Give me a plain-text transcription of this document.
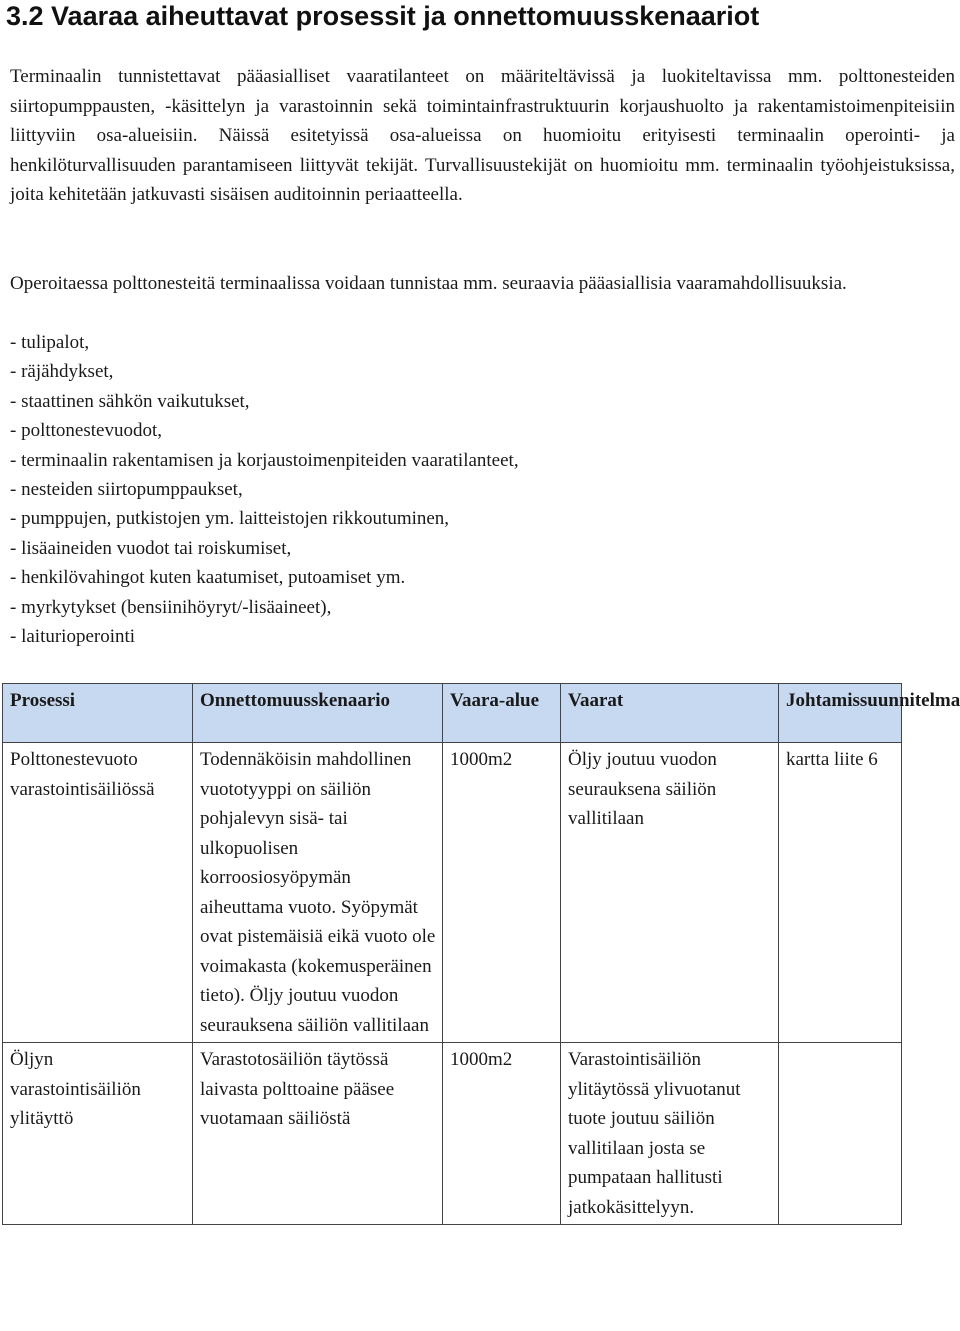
3.2 Vaaraa aiheuttavat prosessit ja onnettomuusskenaariot

Terminaalin tunnistettavat pääasialliset vaaratilanteet on määriteltävissä ja luokiteltavissa mm. polttonesteiden siirtopumppausten, -käsittelyn ja varastoinnin sekä toimintainfrastruktuurin korjaushuolto ja rakentamistoimenpiteisiin liittyviin osa-alueisiin. Näissä esitetyissä osa-alueissa on huomioitu erityisesti terminaalin operointi- ja henkilöturvallisuuden parantamiseen liittyvät tekijät. Turvallisuustekijät on huomioitu mm. terminaalin työohjeistuksissa, joita kehitetään jatkuvasti sisäisen auditoinnin periaatteella.

Operoitaessa polttonesteitä terminaalissa voidaan tunnistaa mm. seuraavia pääasiallisia vaaramahdollisuuksia.

- tulipalot,
- räjähdykset,
- staattinen sähkön vaikutukset,
- polttonestevuodot,
- terminaalin rakentamisen ja korjaustoimenpiteiden vaaratilanteet,
- nesteiden siirtopumppaukset,
- pumppujen, putkistojen ym. laitteistojen rikkoutuminen,
- lisäaineiden vuodot tai roiskumiset,
- henkilövahingot kuten kaatumiset, putoamiset ym.
- myrkytykset (bensiinihöyryt/-lisäaineet),
- laiturioperointi
Prosessi	Onnettomuusskenaario	Vaara-alue	Vaarat	Johtamissuunnitelma
Polttonestevuoto varastointisäiliössä	Todennäköisin mahdollinen vuototyyppi on säiliön pohjalevyn sisä- tai ulkopuolisen korroosiosyöpymän aiheuttama vuoto. Syöpymät ovat pistemäisiä eikä vuoto ole voimakasta (kokemusperäinen tieto). Öljy joutuu vuodon seurauksena säiliön vallitilaan	1000m2	Öljy joutuu vuodon seurauksena säiliön vallitilaan	kartta liite 6
Öljyn varastointisäiliön ylitäyttö	Varastotosäiliön täytössä laivasta polttoaine pääsee vuotamaan säiliöstä	1000m2	Varastointisäiliön ylitäytössä ylivuotanut tuote joutuu säiliön vallitilaan josta se pumpataan hallitusti jatkokäsittelyyn.	
